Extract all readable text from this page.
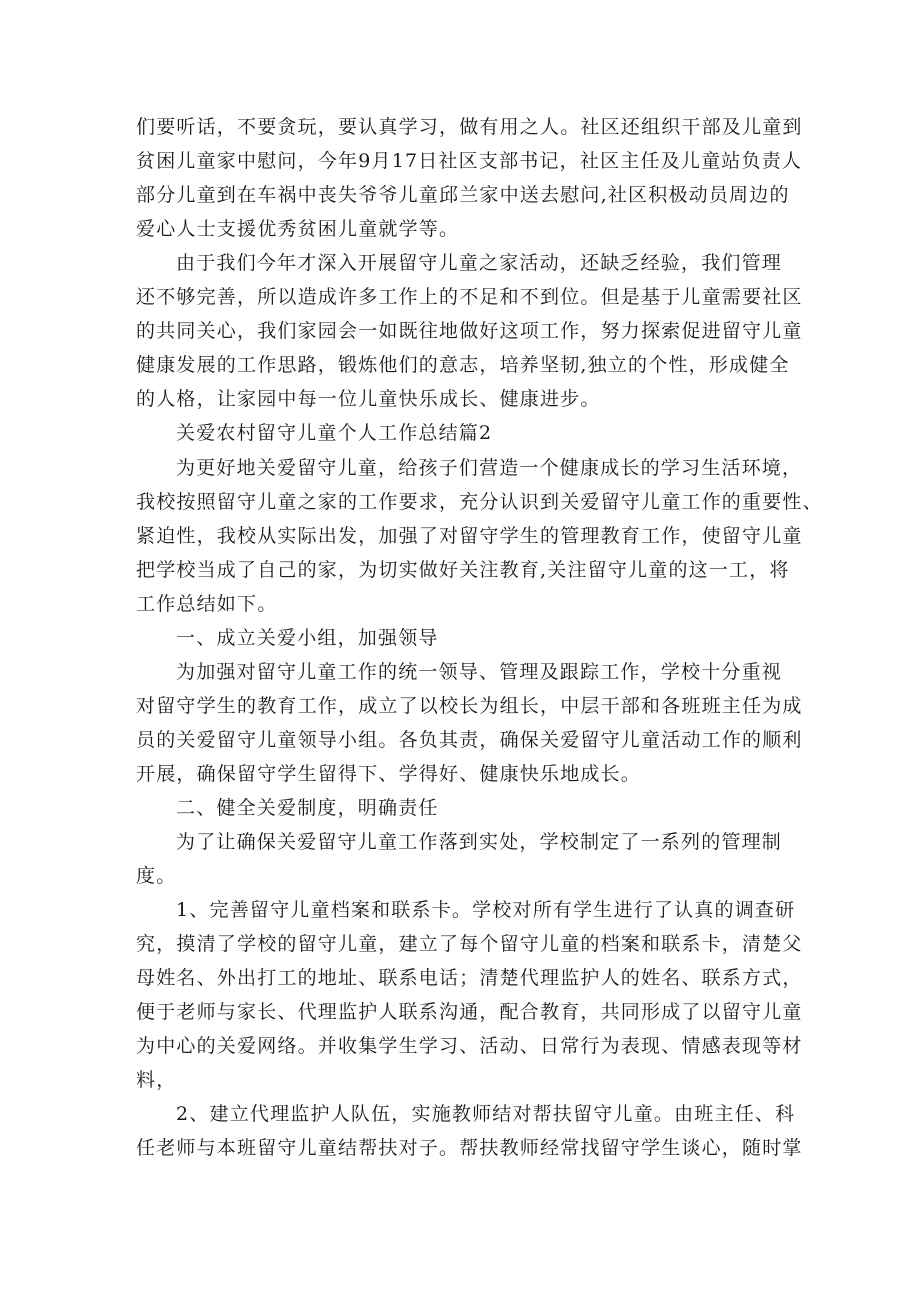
们要听话，不要贪玩，要认真学习，做有用之人。社区还组织干部及儿童到
贫困儿童家中慰问，今年9月17日社区支部书记，社区主任及儿童站负责人
部分儿童到在车祸中丧失爷爷儿童邱兰家中送去慰问,社区积极动员周边的
爱心人士支援优秀贫困儿童就学等。
由于我们今年才深入开展留守儿童之家活动，还缺乏经验，我们管理
还不够完善，所以造成许多工作上的不足和不到位。但是基于儿童需要社区
的共同关心，我们家园会一如既往地做好这项工作，努力探索促进留守儿童
健康发展的工作思路，锻炼他们的意志，培养坚韧,独立的个性，形成健全
的人格，让家园中每一位儿童快乐成长、健康进步。
关爱农村留守儿童个人工作总结篇2
为更好地关爱留守儿童，给孩子们营造一个健康成长的学习生活环境，
我校按照留守儿童之家的工作要求，充分认识到关爱留守儿童工作的重要性、
紧迫性，我校从实际出发，加强了对留守学生的管理教育工作，使留守儿童
把学校当成了自己的家，为切实做好关注教育,关注留守儿童的这一工，将
工作总结如下。
一、成立关爱小组，加强领导
为加强对留守儿童工作的统一领导、管理及跟踪工作，学校十分重视
对留守学生的教育工作，成立了以校长为组长，中层干部和各班班主任为成
员的关爱留守儿童领导小组。各负其责，确保关爱留守儿童活动工作的顺利
开展，确保留守学生留得下、学得好、健康快乐地成长。
二、健全关爱制度，明确责任
为了让确保关爱留守儿童工作落到实处，学校制定了一系列的管理制
度。
1、完善留守儿童档案和联系卡。学校对所有学生进行了认真的调查研
究，摸清了学校的留守儿童，建立了每个留守儿童的档案和联系卡，清楚父
母姓名、外出打工的地址、联系电话；清楚代理监护人的姓名、联系方式，
便于老师与家长、代理监护人联系沟通，配合教育，共同形成了以留守儿童
为中心的关爱网络。并收集学生学习、活动、日常行为表现、情感表现等材
料，
2、建立代理监护人队伍，实施教师结对帮扶留守儿童。由班主任、科
任老师与本班留守儿童结帮扶对子。帮扶教师经常找留守学生谈心，随时掌
